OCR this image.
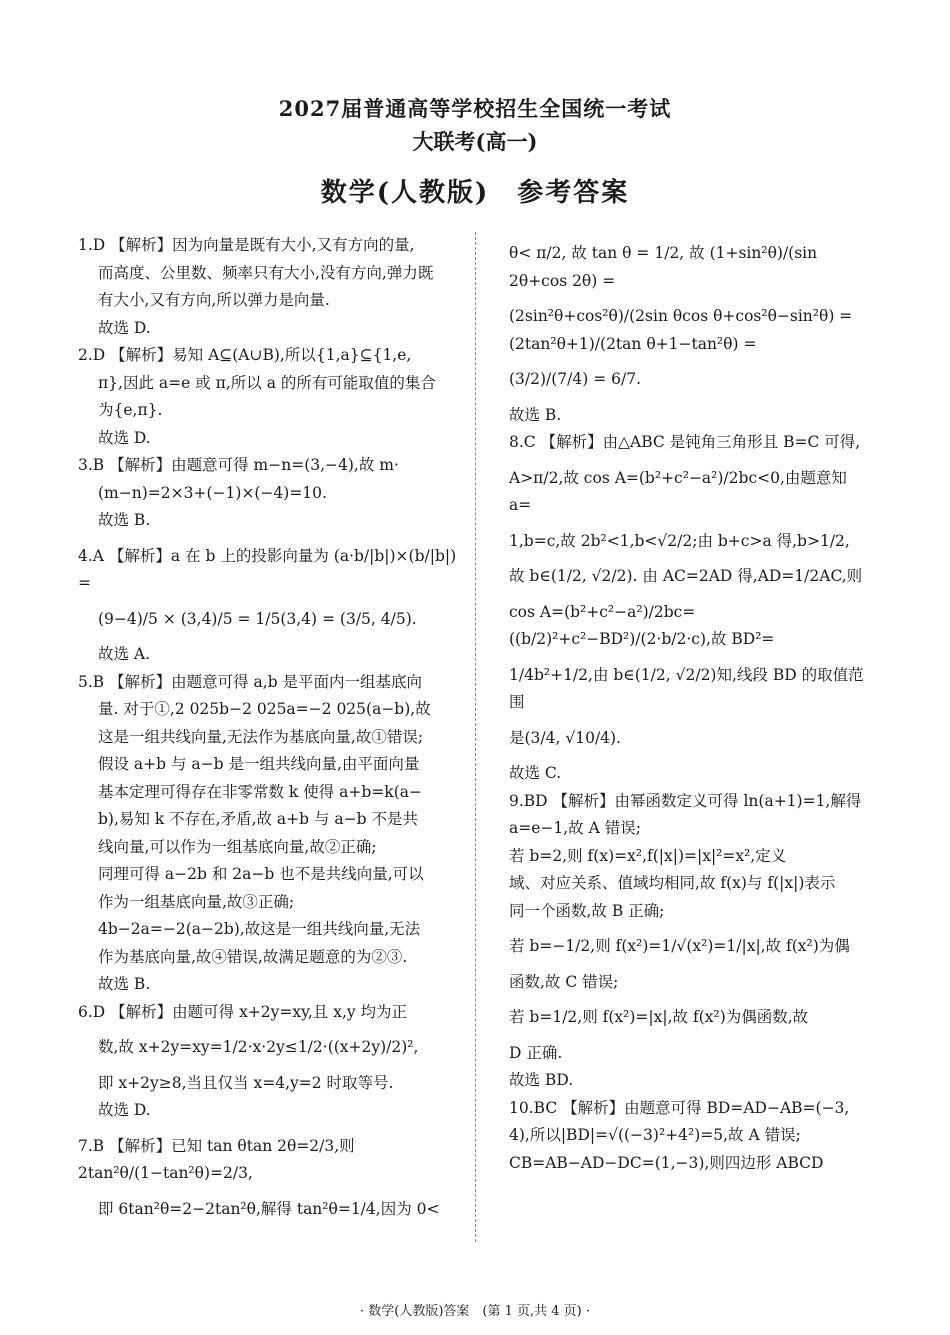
2027届普通高等学校招生全国统一考试
大联考(高一)
数学(人教版)　参考答案

1.D 【解析】因为向量是既有大小,又有方向的量,

而高度、公里数、频率只有大小,没有方向,弹力既

有大小,又有方向,所以弹力是向量.

故选 D.

2.D 【解析】易知 A⊆(A∪B),所以{1,a}⊆{1,e,

π},因此 a=e 或 π,所以 a 的所有可能取值的集合

为{e,π}.

故选 D.

3.B 【解析】由题意可得 m−n=(3,−4),故 m·

(m−n)=2×3+(−1)×(−4)=10.

故选 B.

4.A 【解析】a 在 b 上的投影向量为 (a·b/|b|)×(b/|b|) =

(9−4)/5 × (3,4)/5 = 1/5(3,4) = (3/5, 4/5).

故选 A.

5.B 【解析】由题意可得 a,b 是平面内一组基底向

量. 对于①,2 025b−2 025a=−2 025(a−b),故

这是一组共线向量,无法作为基底向量,故①错误;

假设 a+b 与 a−b 是一组共线向量,由平面向量

基本定理可得存在非零常数 k 使得 a+b=k(a−

b),易知 k 不存在,矛盾,故 a+b 与 a−b 不是共

线向量,可以作为一组基底向量,故②正确;

同理可得 a−2b 和 2a−b 也不是共线向量,可以

作为一组基底向量,故③正确;

4b−2a=−2(a−2b),故这是一组共线向量,无法

作为基底向量,故④错误,故满足题意的为②③.

故选 B.

6.D 【解析】由题可得 x+2y=xy,且 x,y 均为正

数,故 x+2y=xy=1/2·x·2y≤1/2·((x+2y)/2)²,

即 x+2y≥8,当且仅当 x=4,y=2 时取等号.

故选 D.

7.B 【解析】已知 tan θtan 2θ=2/3,则 2tan²θ/(1−tan²θ)=2/3,

即 6tan²θ=2−2tan²θ,解得 tan²θ=1/4,因为 0<

θ< π/2, 故 tan θ = 1/2, 故 (1+sin²θ)/(sin 2θ+cos 2θ) =

(2sin²θ+cos²θ)/(2sin θcos θ+cos²θ−sin²θ) = (2tan²θ+1)/(2tan θ+1−tan²θ) =

(3/2)/(7/4) = 6/7.

故选 B.

8.C 【解析】由△ABC 是钝角三角形且 B=C 可得,

A>π/2,故 cos A=(b²+c²−a²)/2bc<0,由题意知 a=

1,b=c,故 2b²<1,b<√2/2;由 b+c>a 得,b>1/2,

故 b∈(1/2, √2/2). 由 AC=2AD 得,AD=1/2AC,则

cos A=(b²+c²−a²)/2bc=((b/2)²+c²−BD²)/(2·b/2·c),故 BD²=

1/4b²+1/2,由 b∈(1/2, √2/2)知,线段 BD 的取值范围

是(3/4, √10/4).

故选 C.

9.BD 【解析】由幂函数定义可得 ln(a+1)=1,解得

a=e−1,故 A 错误;

若 b=2,则 f(x)=x²,f(|x|)=|x|²=x²,定义

域、对应关系、值域均相同,故 f(x)与 f(|x|)表示

同一个函数,故 B 正确;

若 b=−1/2,则 f(x²)=1/√(x²)=1/|x|,故 f(x²)为偶

函数,故 C 错误;

若 b=1/2,则 f(x²)=|x|,故 f(x²)为偶函数,故

D 正确.

故选 BD.

10.BC 【解析】由题意可得 BD=AD−AB=(−3,

4),所以|BD|=√((−3)²+4²)=5,故 A 错误;

CB=AB−AD−DC=(1,−3),则四边形 ABCD

· 数学(人教版)答案　(第 1 页,共 4 页) ·
